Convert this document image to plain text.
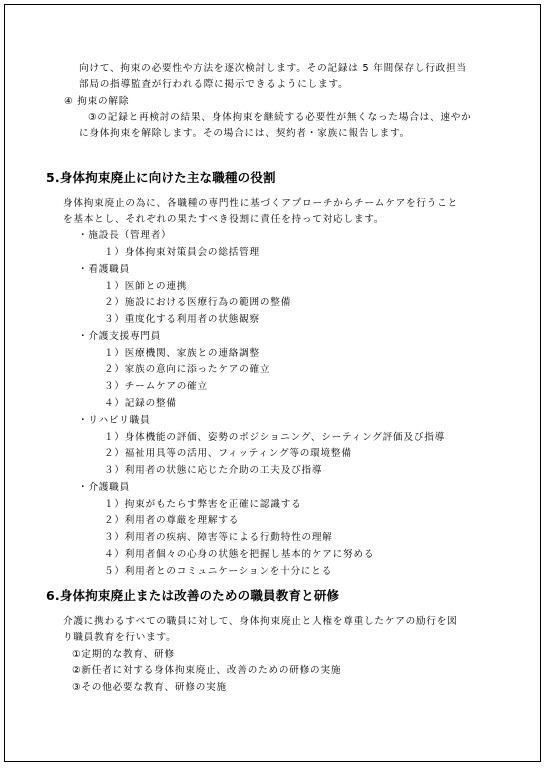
向けて、拘束の必要性や方法を逐次検討します。その記録は 5 年間保存し行政担当
部局の指導監査が行われる際に掲示できるようにします。
④ 拘束の解除
③の記録と再検討の結果、身体拘束を継続する必要性が無くなった場合は、速やか
に身体拘束を解除します。その場合には、契約者・家族に報告します。
5.身体拘束廃止に向けた主な職種の役割
身体拘束廃止の為に、各職種の専門性に基づくアプローチからチームケアを行うこと
を基本とし、それぞれの果たすべき役割に責任を持って対応します。
・施設長（管理者）
１）身体拘束対策員会の総括管理
・看護職員
１）医師との連携
２）施設における医療行為の範囲の整備
３）重度化する利用者の状態観察
・介護支援専門員
１）医療機関、家族との連絡調整
２）家族の意向に添ったケアの確立
３）チームケアの確立
４）記録の整備
・リハビリ職員
１）身体機能の評価、姿勢のポジショニング、シーティング評価及び指導
２）福祉用具等の活用、フィッティング等の環境整備
３）利用者の状態に応じた介助の工夫及び指導
・介護職員
１）拘束がもたらす弊害を正確に認識する
２）利用者の尊厳を理解する
３）利用者の疾病、障害等による行動特性の理解
４）利用者個々の心身の状態を把握し基本的ケアに努める
５）利用者とのコミュニケーションを十分にとる
6.身体拘束廃止または改善のための職員教育と研修
介護に携わるすべての職員に対して、身体拘束廃止と人権を尊重したケアの励行を図
り職員教育を行います。
①定期的な教育、研修
②新任者に対する身体拘束廃止、改善のための研修の実施
③その他必要な教育、研修の実施
